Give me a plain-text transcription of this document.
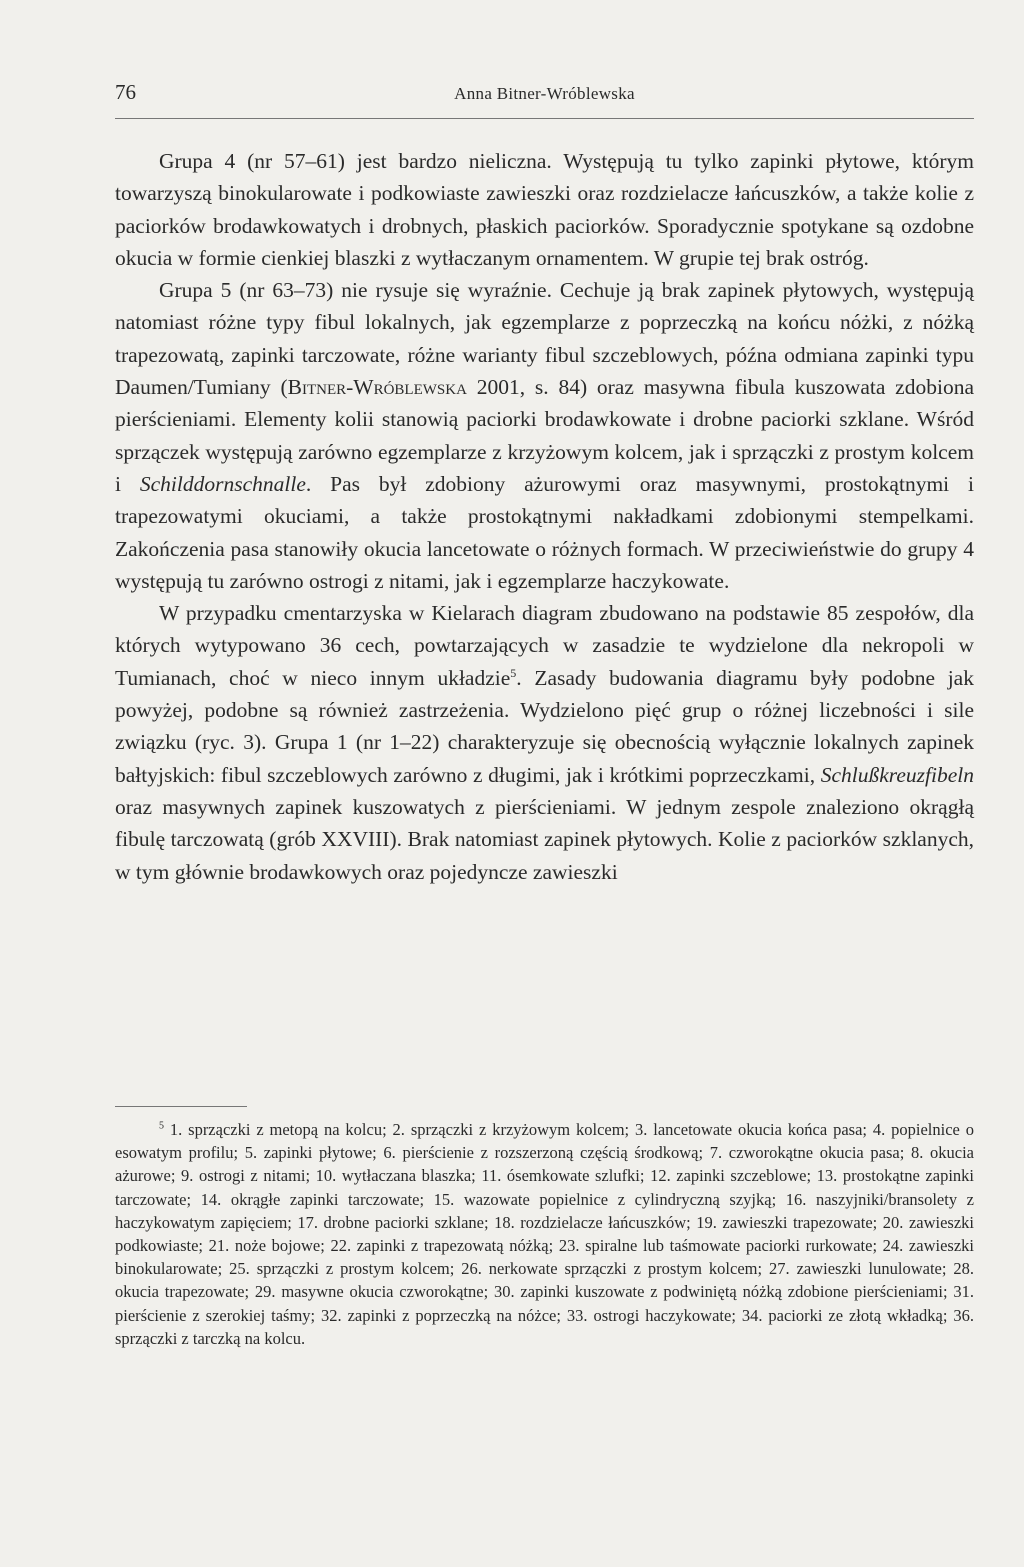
76	Anna Bitner-Wróblewska

Grupa 4 (nr 57–61) jest bardzo nieliczna. Występują tu tylko zapinki płytowe, którym towarzyszą binokularowate i podkowiaste zawieszki oraz rozdzielacze łańcuszków, a także kolie z paciorków brodawkowatych i drobnych, płaskich paciorków. Sporadycznie spotykane są ozdobne okucia w formie cienkiej blaszki z wytłaczanym ornamentem. W grupie tej brak ostróg.

Grupa 5 (nr 63–73) nie rysuje się wyraźnie. Cechuje ją brak zapinek płytowych, występują natomiast różne typy fibul lokalnych, jak egzemplarze z poprzeczką na końcu nóżki, z nóżką trapezowatą, zapinki tarczowate, różne warianty fibul szczeblowych, późna odmiana zapinki typu Daumen/Tumiany (Bitner-Wróblewska 2001, s. 84) oraz masywna fibula kuszowata zdobiona pierścieniami. Elementy kolii stanowią paciorki brodawkowate i drobne paciorki szklane. Wśród sprzączek występują zarówno egzemplarze z krzyżowym kolcem, jak i sprzączki z prostym kolcem i Schilddornschnalle. Pas był zdobiony ażurowymi oraz masywnymi, prostokątnymi i trapezowatymi okuciami, a także prostokątnymi nakładkami zdobionymi stempelkami. Zakończenia pasa stanowiły okucia lancetowate o różnych formach. W przeciwieństwie do grupy 4 występują tu zarówno ostrogi z nitami, jak i egzemplarze haczykowate.

W przypadku cmentarzyska w Kielarach diagram zbudowano na podstawie 85 zespołów, dla których wytypowano 36 cech, powtarzających w zasadzie te wydzielone dla nekropoli w Tumianach, choć w nieco innym układzie$^5$. Zasady budowania diagramu były podobne jak powyżej, podobne są również zastrzeżenia. Wydzielono pięć grup o różnej liczebności i sile związku (ryc. 3). Grupa 1 (nr 1–22) charakteryzuje się obecnością wyłącznie lokalnych zapinek bałtyjskich: fibul szczeblowych zarówno z długimi, jak i krótkimi poprzeczkami, Schlußkreuzfibeln oraz masywnych zapinek kuszowatych z pierścieniami. W jednym zespole znaleziono okrągłą fibulę tarczowatą (grób XXVIII). Brak natomiast zapinek płytowych. Kolie z paciorków szklanych, w tym głównie brodawkowych oraz pojedyncze zawieszki

$^5$ 1. sprzączki z metopą na kolcu; 2. sprzączki z krzyżowym kolcem; 3. lancetowate okucia końca pasa; 4. popielnice o esowatym profilu; 5. zapinki płytowe; 6. pierścienie z rozszerzoną częścią środkową; 7. czworokątne okucia pasa; 8. okucia ażurowe; 9. ostrogi z nitami; 10. wytłaczana blaszka; 11. ósemkowate szlufki; 12. zapinki szczeblowe; 13. prostokątne zapinki tarczowate; 14. okrągłe zapinki tarczowate; 15. wazowate popielnice z cylindryczną szyjką; 16. naszyjniki/bransolety z haczykowatym zapięciem; 17. drobne paciorki szklane; 18. rozdzielacze łańcuszków; 19. zawieszki trapezowate; 20. zawieszki podkowiaste; 21. noże bojowe; 22. zapinki z trapezowatą nóżką; 23. spiralne lub taśmowate paciorki rurkowate; 24. zawieszki binokularowate; 25. sprzączki z prostym kolcem; 26. nerkowate sprzączki z prostym kolcem; 27. zawieszki lunulowate; 28. okucia trapezowate; 29. masywne okucia czworokątne; 30. zapinki kuszowate z podwiniętą nóżką zdobione pierścieniami; 31. pierścienie z szerokiej taśmy; 32. zapinki z poprzeczką na nóżce; 33. ostrogi haczykowate; 34. paciorki ze złotą wkładką; 36. sprzączki z tarczką na kolcu.
